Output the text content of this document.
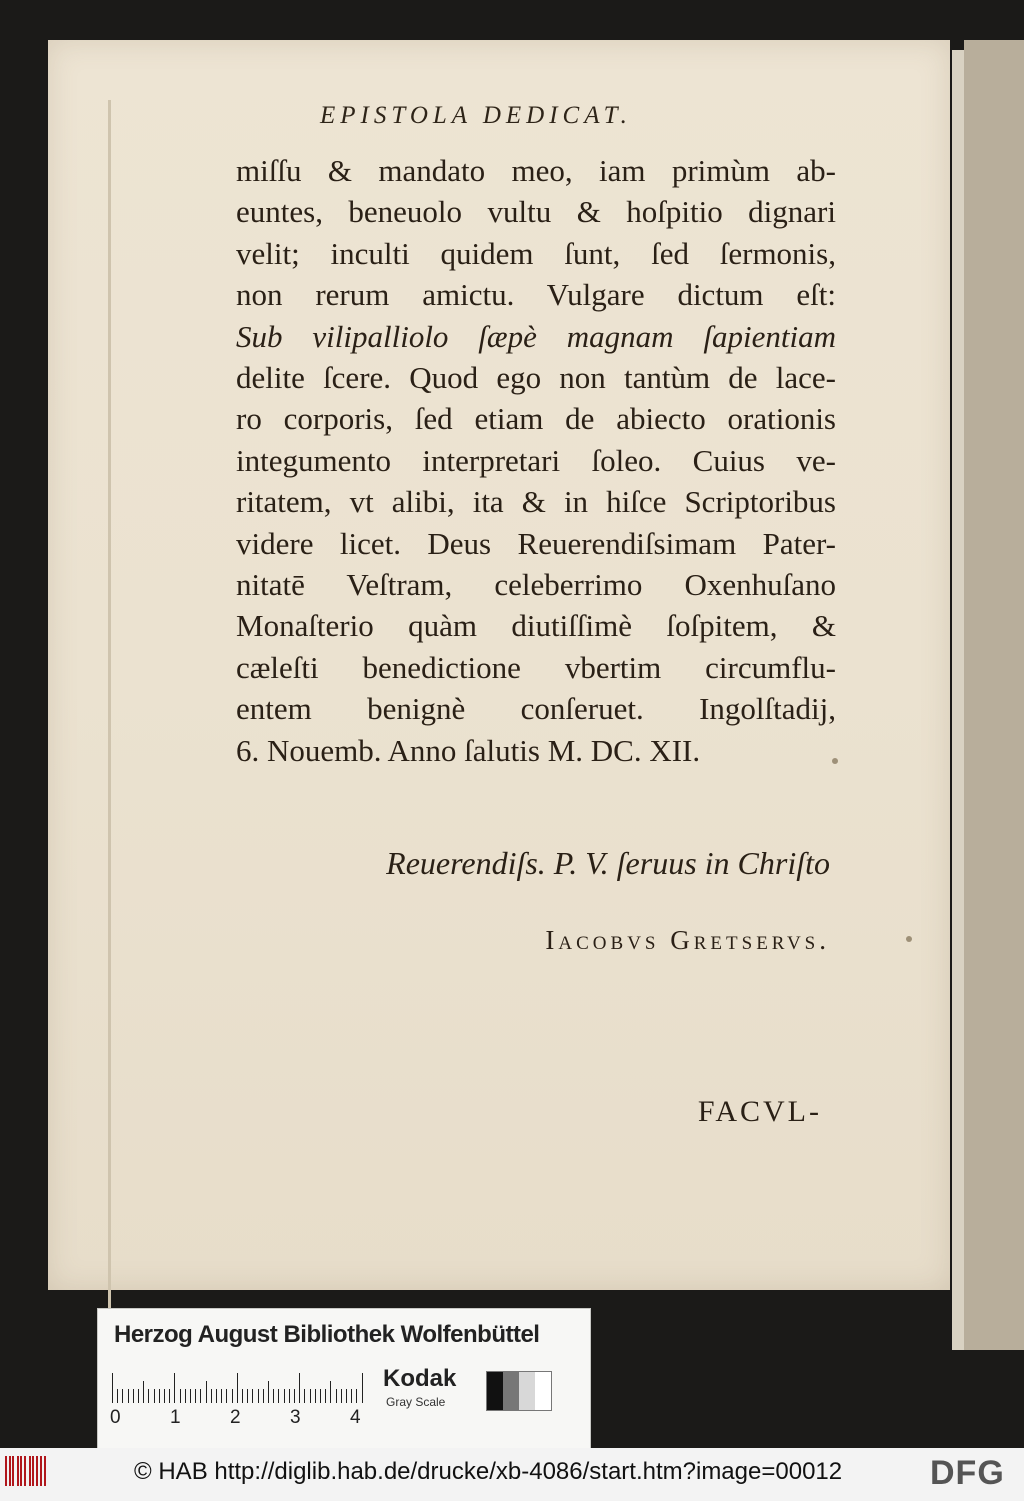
EPISTOLA DEDICAT.
miſſu & mandato meo, iam primùm ab-
euntes, beneuolo vultu & hoſpitio dignari
velit; inculti quidem ſunt, ſed ſermonis,
non rerum amictu. Vulgare dictum eſt:
Sub vilipalliolo ſæpè magnam ſapientiam
delite ſcere. Quod ego non tantùm de lace-
ro corporis, ſed etiam de abiecto orationis
integumento interpretari ſoleo. Cuius ve-
ritatem, vt alibi, ita & in hiſce Scriptoribus
videre licet. Deus Reuerendiſsimam Pater-
nitatē Veſtram, celeberrimo Oxenhuſano
Monaſterio quàm diutiſſimè ſoſpitem, &
cæleſti benedictione vbertim circumflu-
entem benignè conſeruet. Ingolſtadij,
6. Nouemb. Anno ſalutis M. DC. XII.
Reuerendiſs. P. V. ſeruus in Chriſto
Iacobvs Gretservs.
FACVL-
Herzog August Bibliothek Wolfenbüttel
0	1	2	3	4
Kodak
Gray Scale
© HAB http://diglib.hab.de/drucke/xb-4086/start.htm?image=00012	DFG
